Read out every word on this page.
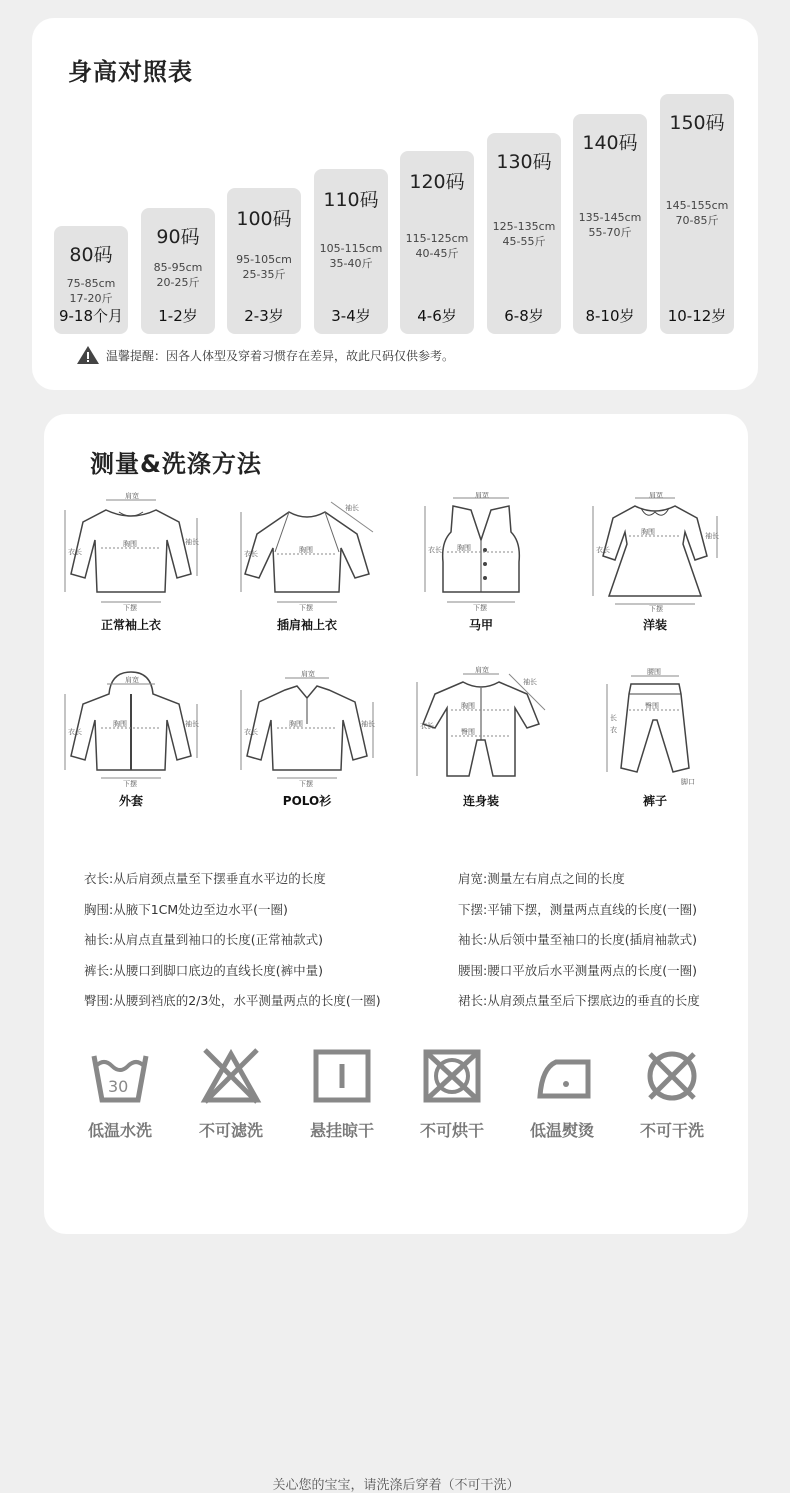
身高对照表
80码
75-85cm
17-20斤
9-18个月
90码
85-95cm
20-25斤
1-2岁
100码
95-105cm
25-35斤
2-3岁
110码
105-115cm
35-40斤
3-4岁
120码
115-125cm
40-45斤
4-6岁
130码
125-135cm
45-55斤
6-8岁
140码
135-145cm
55-70斤
8-10岁
150码
145-155cm
70-85斤
10-12岁
温馨提醒：因各人体型及穿着习惯存在差异，故此尺码仅供参考。
测量&洗涤方法
肩宽
胸围
衣长
袖长
下摆
正常袖上衣
袖长
胸围
衣长
下摆
插肩袖上衣
肩宽
胸围
衣长
下摆
马甲
肩宽
胸围
衣长
袖长
下摆
洋装
肩宽
胸围
衣长
袖长
下摆
外套
肩宽
胸围
衣长
袖长
下摆
POLO衫
肩宽
胸围
臀围
衣长
袖长
连身装
腰围
臀围
长
衣
脚口
裤子
衣长:从后肩颈点量至下摆垂直水平边的长度
胸围:从腋下1CM处边至边水平(一圈)
袖长:从肩点直量到袖口的长度(正常袖款式)
裤长:从腰口到脚口底边的直线长度(裤中量)
臀围:从腰到裆底的2/3处，水平测量两点的长度(一圈)
肩宽:测量左右肩点之间的长度
下摆:平铺下摆，测量两点直线的长度(一圈)
袖长:从后领中量至袖口的长度(插肩袖款式)
腰围:腰口平放后水平测量两点的长度(一圈)
裙长:从肩颈点量至后下摆底边的垂直的长度
30
低温水洗	不可滤洗	悬挂晾干	不可烘干	低温熨烫	不可干洗
关心您的宝宝，请洗涤后穿着（不可干洗）
